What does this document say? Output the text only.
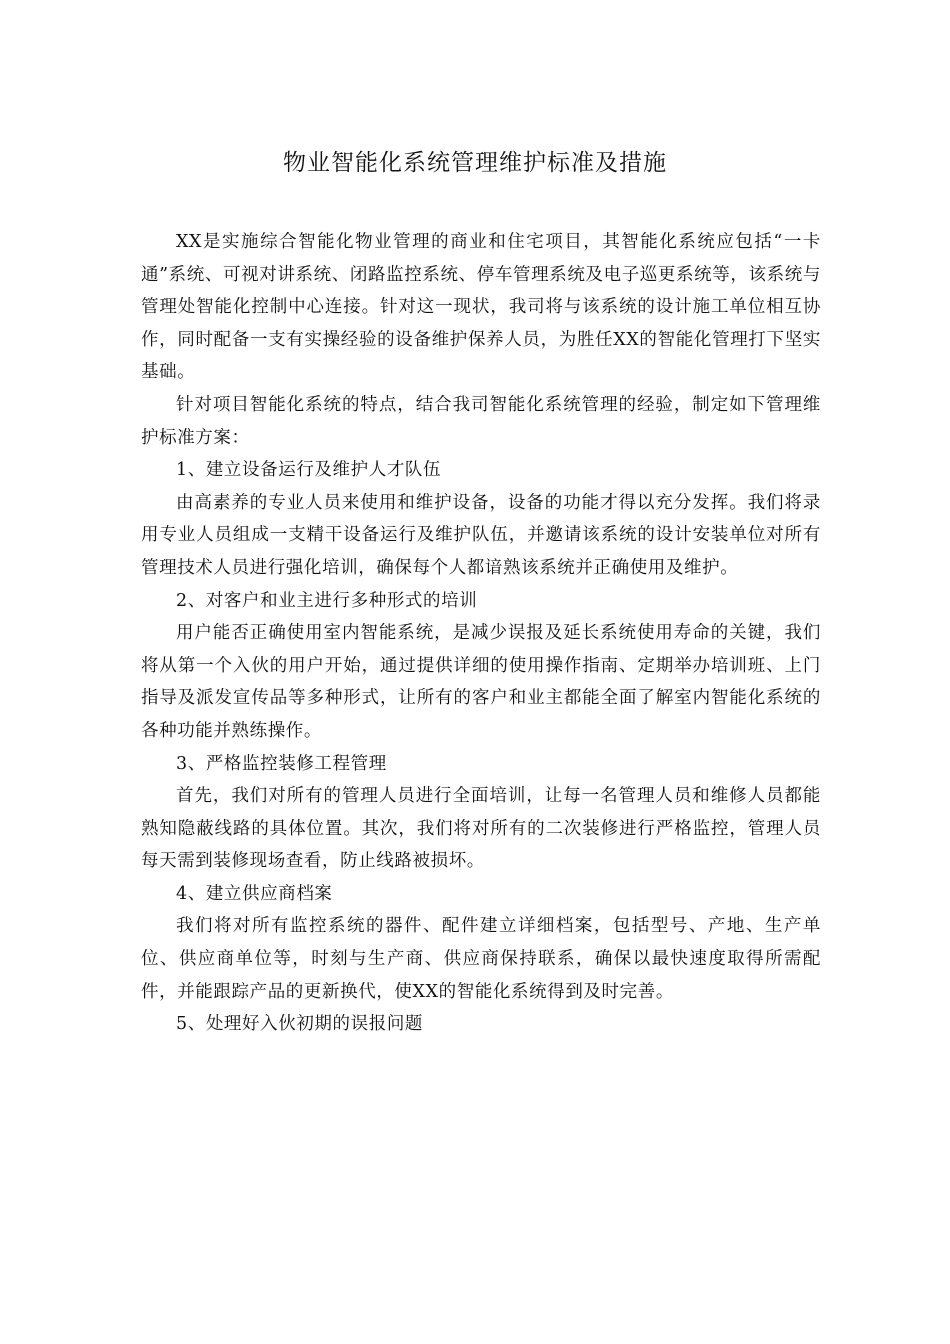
物业智能化系统管理维护标准及措施

XX是实施综合智能化物业管理的商业和住宅项目，其智能化系统应包括“一卡通”系统、可视对讲系统、闭路监控系统、停车管理系统及电子巡更系统等，该系统与管理处智能化控制中心连接。针对这一现状，我司将与该系统的设计施工单位相互协作，同时配备一支有实操经验的设备维护保养人员，为胜任XX的智能化管理打下坚实基础。

针对项目智能化系统的特点，结合我司智能化系统管理的经验，制定如下管理维护标准方案：

1、建立设备运行及维护人才队伍

由高素养的专业人员来使用和维护设备，设备的功能才得以充分发挥。我们将录用专业人员组成一支精干设备运行及维护队伍，并邀请该系统的设计安装单位对所有管理技术人员进行强化培训，确保每个人都谙熟该系统并正确使用及维护。

2、对客户和业主进行多种形式的培训

用户能否正确使用室内智能系统，是减少误报及延长系统使用寿命的关键，我们将从第一个入伙的用户开始，通过提供详细的使用操作指南、定期举办培训班、上门指导及派发宣传品等多种形式，让所有的客户和业主都能全面了解室内智能化系统的各种功能并熟练操作。

3、严格监控装修工程管理

首先，我们对所有的管理人员进行全面培训，让每一名管理人员和维修人员都能熟知隐蔽线路的具体位置。其次，我们将对所有的二次装修进行严格监控，管理人员每天需到装修现场查看，防止线路被损坏。

4、建立供应商档案

我们将对所有监控系统的器件、配件建立详细档案，包括型号、产地、生产单位、供应商单位等，时刻与生产商、供应商保持联系，确保以最快速度取得所需配件，并能跟踪产品的更新换代，使XX的智能化系统得到及时完善。

5、处理好入伙初期的误报问题
